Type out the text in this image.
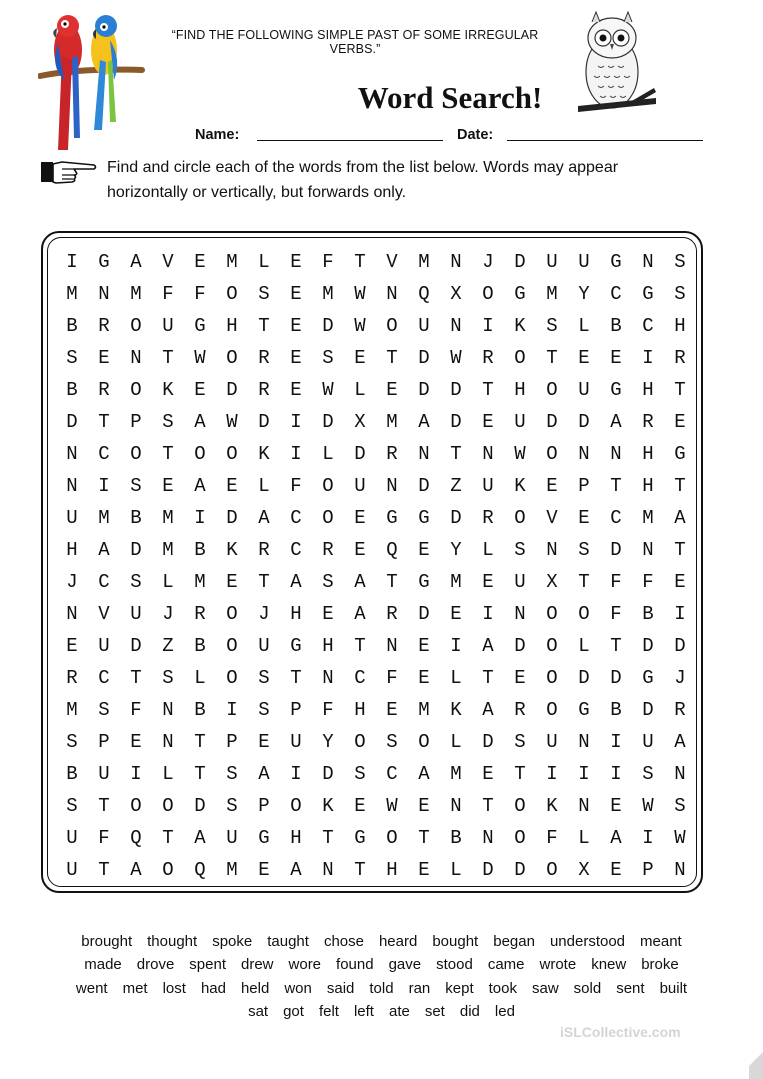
“FIND THE FOLLOWING SIMPLE PAST OF SOME IRREGULAR VERBS.”
Word Search!
Name:	Date:
Find and circle each of the words from the list below. Words may appear
horizontally or vertically, but forwards only.
I	G	A	V	E	M	L	E	F	T	V	M	N	J	D	U	U	G	N	S
M	N	M	F	F	O	S	E	M	W	N	Q	X	O	G	M	Y	C	G	S
B	R	O	U	G	H	T	E	D	W	O	U	N	I	K	S	L	B	C	H
S	E	N	T	W	O	R	E	S	E	T	D	W	R	O	T	E	E	I	R
B	R	O	K	E	D	R	E	W	L	E	D	D	T	H	O	U	G	H	T
D	T	P	S	A	W	D	I	D	X	M	A	D	E	U	D	D	A	R	E
N	C	O	T	O	O	K	I	L	D	R	N	T	N	W	O	N	N	H	G
N	I	S	E	A	E	L	F	O	U	N	D	Z	U	K	E	P	T	H	T
U	M	B	M	I	D	A	C	O	E	G	G	D	R	O	V	E	C	M	A
H	A	D	M	B	K	R	C	R	E	Q	E	Y	L	S	N	S	D	N	T
J	C	S	L	M	E	T	A	S	A	T	G	M	E	U	X	T	F	F	E
N	V	U	J	R	O	J	H	E	A	R	D	E	I	N	O	O	F	B	I
E	U	D	Z	B	O	U	G	H	T	N	E	I	A	D	O	L	T	D	D
R	C	T	S	L	O	S	T	N	C	F	E	L	T	E	O	D	D	G	J
M	S	F	N	B	I	S	P	F	H	E	M	K	A	R	O	G	B	D	R
S	P	E	N	T	P	E	U	Y	O	S	O	L	D	S	U	N	I	U	A
B	U	I	L	T	S	A	I	D	S	C	A	M	E	T	I	I	I	S	N
S	T	O	O	D	S	P	O	K	E	W	E	N	T	O	K	N	E	W	S
U	F	Q	T	A	U	G	H	T	G	O	T	B	N	O	F	L	A	I	W
U	T	A	O	Q	M	E	A	N	T	H	E	L	D	D	O	X	E	P	N
brought thought spoke taught chose heard bought began understood meant
made drove spent drew wore found gave stood came wrote knew broke
went met lost had held won said told ran kept took saw sold sent built
sat got felt left ate set did led
iSLCollective.com
